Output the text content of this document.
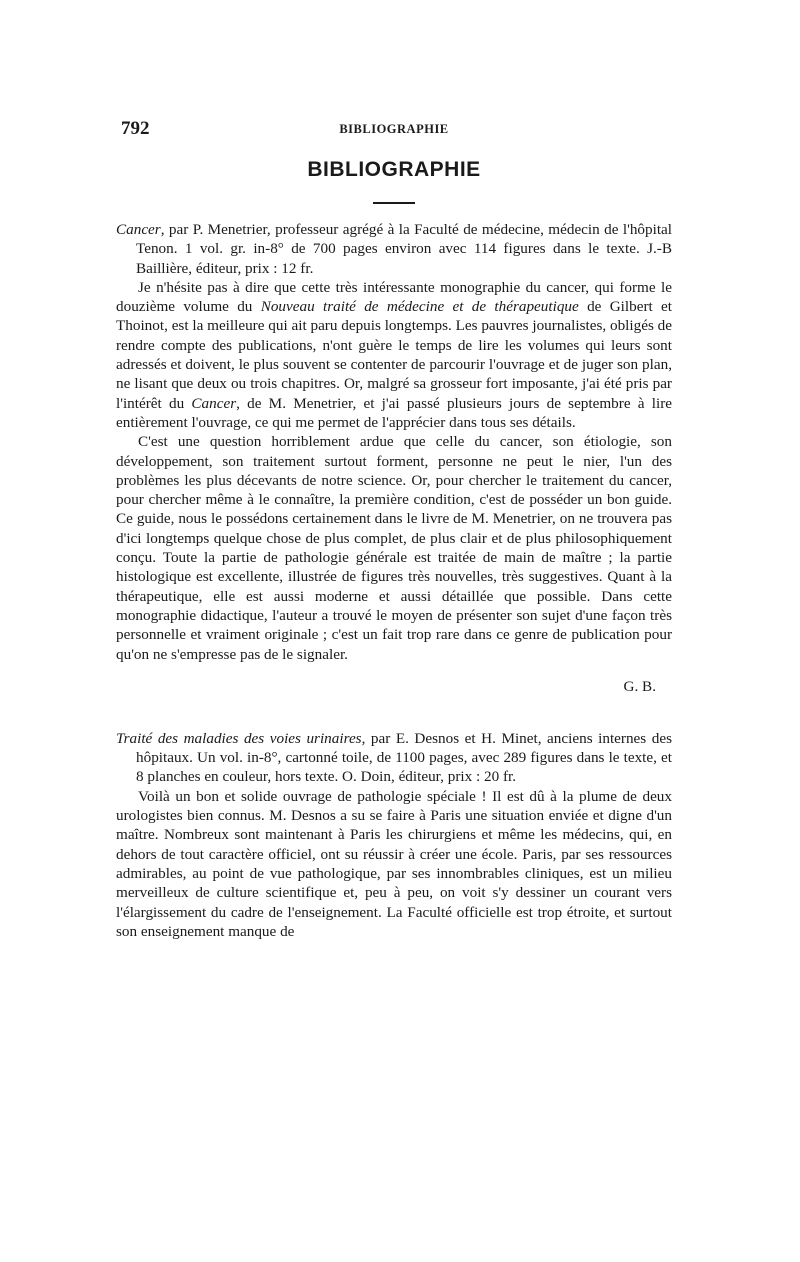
792	BIBLIOGRAPHIE
BIBLIOGRAPHIE

Cancer, par P. Menetrier, professeur agrégé à la Faculté de médecine, médecin de l'hôpital Tenon. 1 vol. gr. in-8° de 700 pages environ avec 114 figures dans le texte. J.-B Baillière, éditeur, prix : 12 fr.

Je n'hésite pas à dire que cette très intéressante monographie du cancer, qui forme le douzième volume du Nouveau traité de médecine et de thérapeutique de Gilbert et Thoinot, est la meilleure qui ait paru depuis longtemps. Les pauvres journalistes, obligés de rendre compte des publications, n'ont guère le temps de lire les volumes qui leurs sont adressés et doivent, le plus souvent se contenter de parcourir l'ouvrage et de juger son plan, ne lisant que deux ou trois chapitres. Or, malgré sa grosseur fort imposante, j'ai été pris par l'intérêt du Cancer, de M. Menetrier, et j'ai passé plusieurs jours de septembre à lire entièrement l'ouvrage, ce qui me permet de l'apprécier dans tous ses détails.

C'est une question horriblement ardue que celle du cancer, son étiologie, son développement, son traitement surtout forment, personne ne peut le nier, l'un des problèmes les plus décevants de notre science. Or, pour chercher le traitement du cancer, pour chercher même à le connaître, la première condition, c'est de posséder un bon guide. Ce guide, nous le possédons certainement dans le livre de M. Menetrier, on ne trouvera pas d'ici longtemps quelque chose de plus complet, de plus clair et de plus philosophiquement conçu. Toute la partie de pathologie générale est traitée de main de maître ; la partie histologique est excellente, illustrée de figures très nouvelles, très suggestives. Quant à la thérapeutique, elle est aussi moderne et aussi détaillée que possible. Dans cette monographie didactique, l'auteur a trouvé le moyen de présenter son sujet d'une façon très personnelle et vraiment originale ; c'est un fait trop rare dans ce genre de publication pour qu'on ne s'empresse pas de le signaler.

G. B.

Traité des maladies des voies urinaires, par E. Desnos et H. Minet, anciens internes des hôpitaux. Un vol. in-8°, cartonné toile, de 1100 pages, avec 289 figures dans le texte, et 8 planches en couleur, hors texte. O. Doin, éditeur, prix : 20 fr.

Voilà un bon et solide ouvrage de pathologie spéciale ! Il est dû à la plume de deux urologistes bien connus. M. Desnos a su se faire à Paris une situation enviée et digne d'un maître. Nombreux sont maintenant à Paris les chirurgiens et même les médecins, qui, en dehors de tout caractère officiel, ont su réussir à créer une école. Paris, par ses ressources admirables, au point de vue pathologique, par ses innombrables cliniques, est un milieu merveilleux de culture scientifique et, peu à peu, on voit s'y dessiner un courant vers l'élargissement du cadre de l'enseignement. La Faculté officielle est trop étroite, et surtout son enseignement manque de
